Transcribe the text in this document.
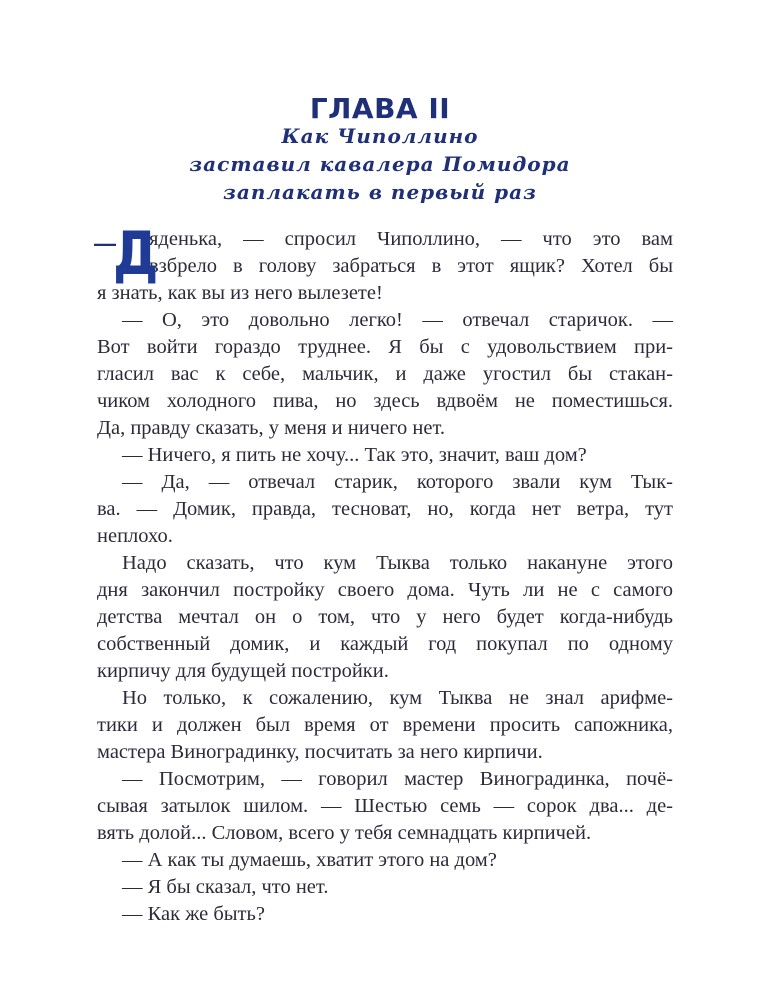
ГЛАВА II
Как Чиполлино
заставил кавалера Помидора
заплакать в первый раз
—
Д
яденька, — спросил Чиполлино, — что это вам
взбрело в голову забраться в этот ящик? Хотел бы
я знать, как вы из него вылезете!
— О, это довольно легко! — отвечал старичок. —
Вот войти гораздо труднее. Я бы с удовольствием при-
гласил вас к себе, мальчик, и даже угостил бы стакан-
чиком холодного пива, но здесь вдвоём не поместишься.
Да, правду сказать, у меня и ничего нет.
— Ничего, я пить не хочу... Так это, значит, ваш дом?
— Да, — отвечал старик, которого звали кум Тык-
ва. — Домик, правда, тесноват, но, когда нет ветра, тут
неплохо.
Надо сказать, что кум Тыква только накануне этого
дня закончил постройку своего дома. Чуть ли не с самого
детства мечтал он о том, что у него будет когда-нибудь
собственный домик, и каждый год покупал по одному
кирпичу для будущей постройки.
Но только, к сожалению, кум Тыква не знал арифме-
тики и должен был время от времени просить сапожника,
мастера Виноградинку, посчитать за него кирпичи.
— Посмотрим, — говорил мастер Виноградинка, почё-
сывая затылок шилом. — Шестью семь — сорок два... де-
вять долой... Словом, всего у тебя семнадцать кирпичей.
— А как ты думаешь, хватит этого на дом?
— Я бы сказал, что нет.
— Как же быть?
